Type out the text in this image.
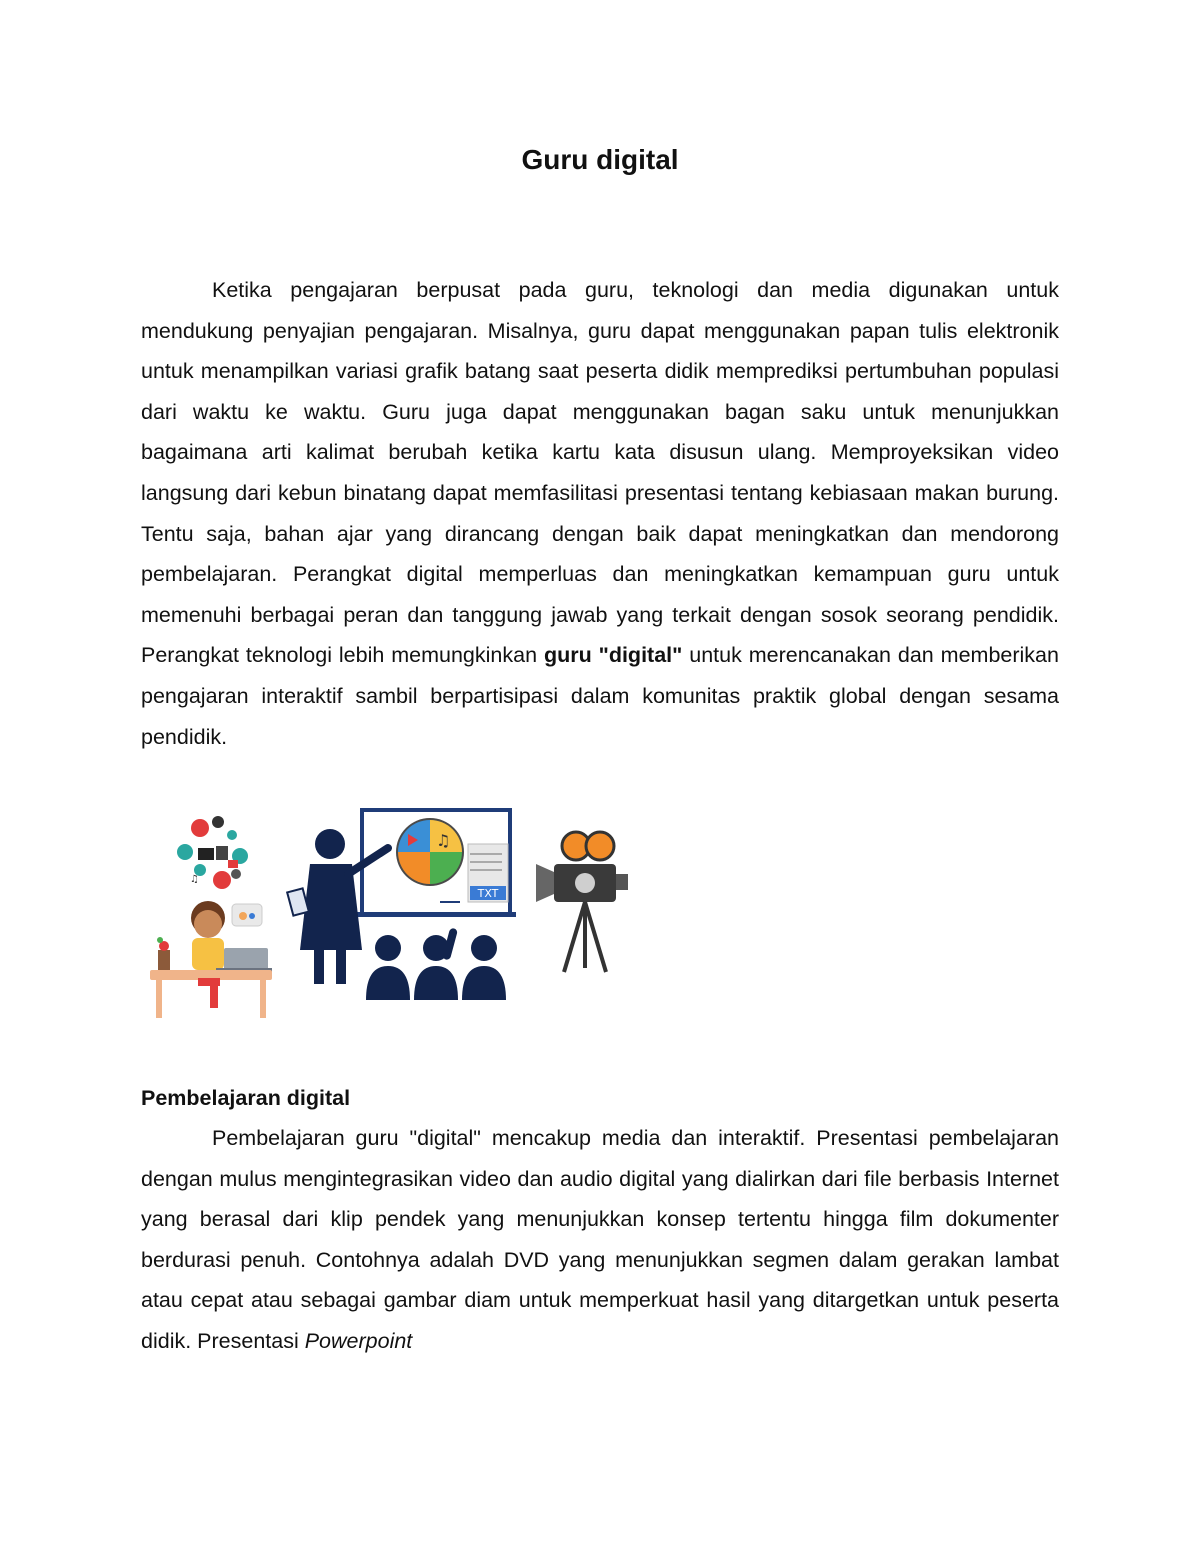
Guru digital

Ketika pengajaran berpusat pada guru, teknologi dan media digunakan untuk mendukung penyajian pengajaran. Misalnya, guru dapat menggunakan papan tulis elektronik untuk menampilkan variasi grafik batang saat peserta didik memprediksi pertumbuhan populasi dari waktu ke waktu. Guru juga dapat menggunakan bagan saku untuk menunjukkan bagaimana arti kalimat berubah ketika kartu kata disusun ulang. Memproyeksikan video langsung dari kebun binatang dapat memfasilitasi presentasi tentang kebiasaan makan burung. Tentu saja, bahan ajar yang dirancang dengan baik dapat meningkatkan dan mendorong pembelajaran. Perangkat digital memperluas dan meningkatkan kemampuan guru untuk memenuhi berbagai peran dan tanggung jawab yang terkait dengan sosok seorang pendidik. Perangkat teknologi lebih memungkinkan guru "digital" untuk merencanakan dan memberikan pengajaran interaktif sambil berpartisipasi dalam komunitas praktik global dengan sesama pendidik.

♫
♫
TXT
Pembelajaran digital

Pembelajaran guru "digital" mencakup media dan interaktif. Presentasi pembelajaran dengan mulus mengintegrasikan video dan audio digital yang dialirkan dari file berbasis Internet yang berasal dari klip pendek yang menunjukkan konsep tertentu hingga film dokumenter berdurasi penuh. Contohnya adalah DVD yang menunjukkan segmen dalam gerakan lambat atau cepat atau sebagai gambar diam untuk memperkuat hasil yang ditargetkan untuk peserta didik. Presentasi Powerpoint
